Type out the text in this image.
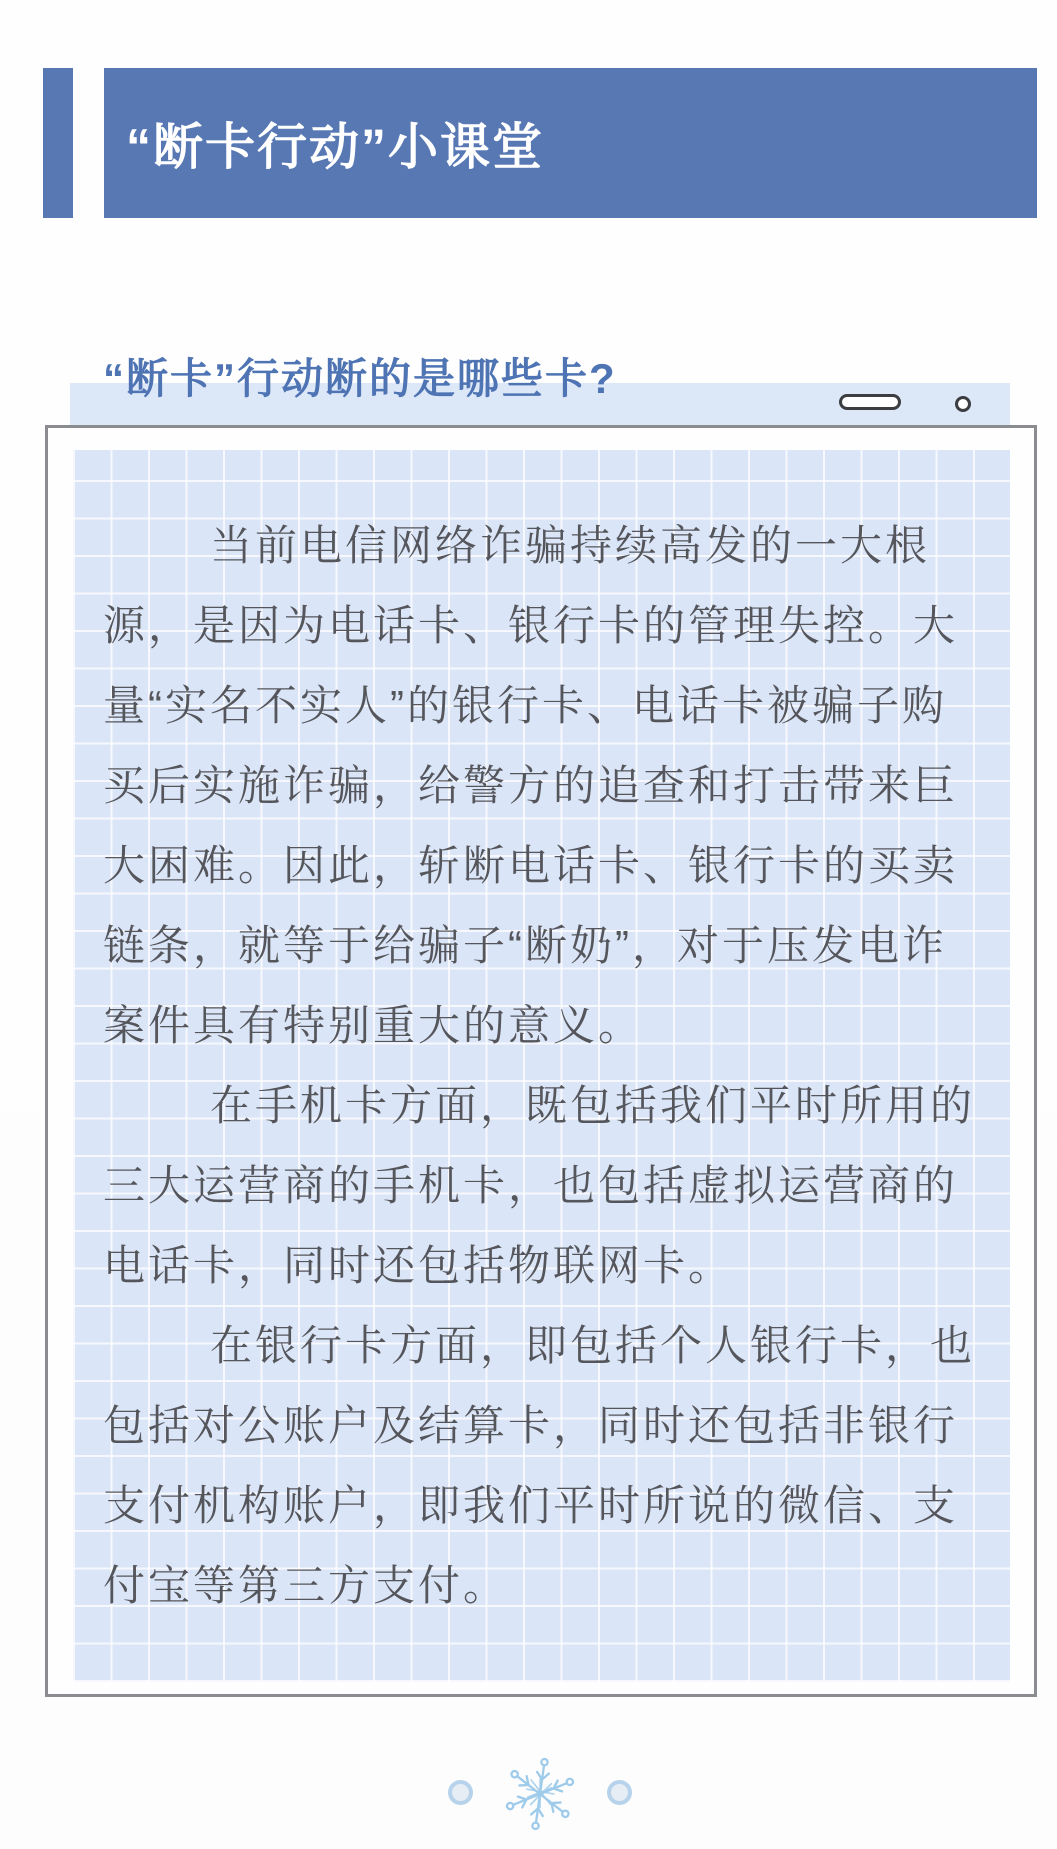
“断卡行动”小课堂
“断卡”行动断的是哪些卡?
当前电信网络诈骗持续高发的一大根
源，是因为电话卡、银行卡的管理失控。大
量“实名不实人”的银行卡、电话卡被骗子购
买后实施诈骗，给警方的追查和打击带来巨
大困难。因此，斩断电话卡、银行卡的买卖
链条，就等于给骗子“断奶”，对于压发电诈
案件具有特别重大的意义。
在手机卡方面，既包括我们平时所用的
三大运营商的手机卡，也包括虚拟运营商的
电话卡，同时还包括物联网卡。
在银行卡方面，即包括个人银行卡，也
包括对公账户及结算卡，同时还包括非银行
支付机构账户，即我们平时所说的微信、支
付宝等第三方支付。
